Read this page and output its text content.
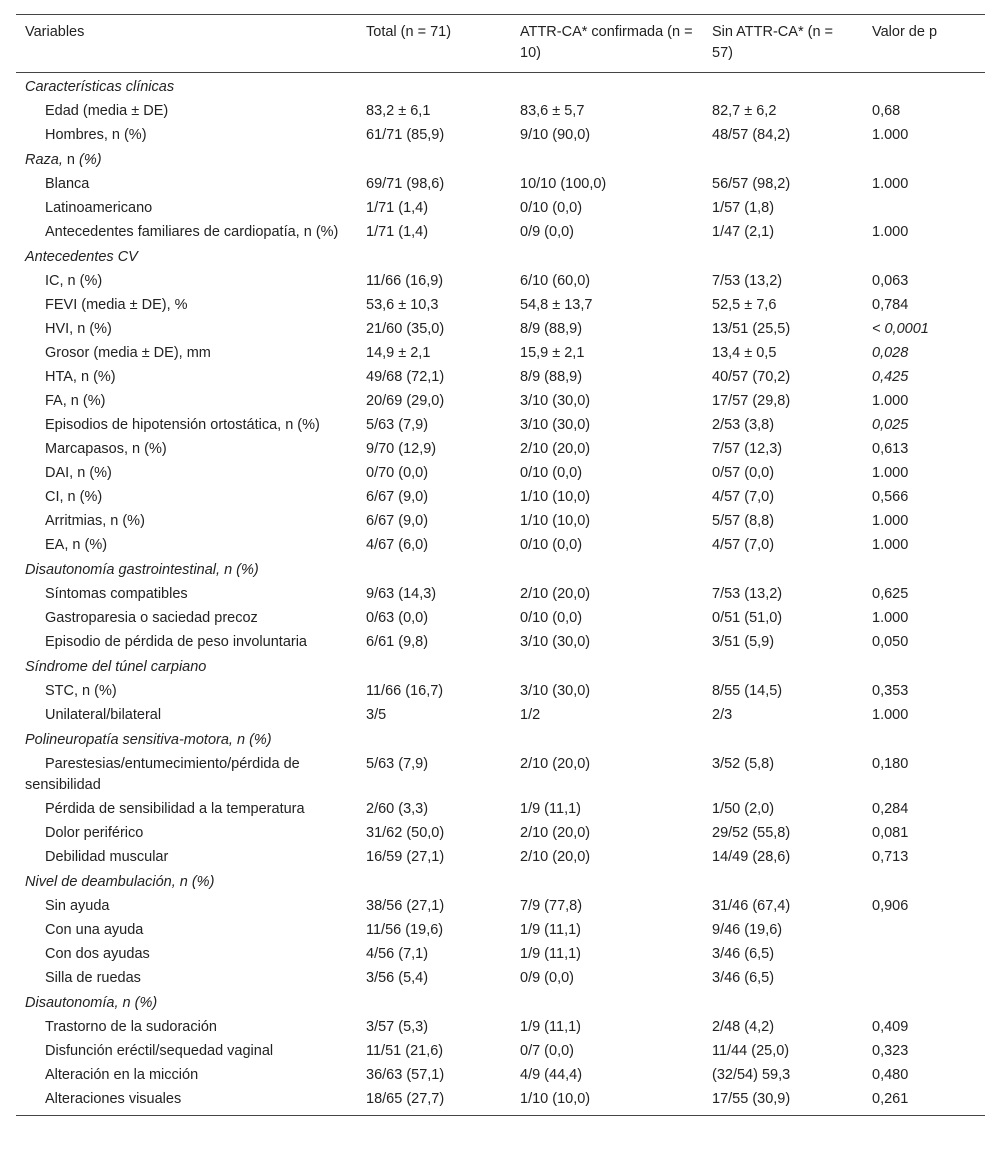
Variables	Total (n = 71)	ATTR-CA* confirmada (n = 10)	Sin ATTR-CA* (n = 57)	Valor de p
Características clínicas				
Edad (media ± DE)	83,2 ± 6,1	83,6 ± 5,7	82,7 ± 6,2	0,68
Hombres, n (%)	61/71 (85,9)	9/10 (90,0)	48/57 (84,2)	1.000
Raza, n (%)				
Blanca	69/71 (98,6)	10/10 (100,0)	56/57 (98,2)	1.000
Latinoamericano	1/71 (1,4)	0/10 (0,0)	1/57 (1,8)	
Antecedentes familiares de cardiopatía, n (%)	1/71 (1,4)	0/9 (0,0)	1/47 (2,1)	1.000
Antecedentes CV				
IC, n (%)	11/66 (16,9)	6/10 (60,0)	7/53 (13,2)	0,063
FEVI (media ± DE), %	53,6 ± 10,3	54,8 ± 13,7	52,5 ± 7,6	0,784
HVI, n (%)	21/60 (35,0)	8/9 (88,9)	13/51 (25,5)	< 0,0001
Grosor (media ± DE), mm	14,9 ± 2,1	15,9 ± 2,1	13,4 ± 0,5	0,028
HTA, n (%)	49/68 (72,1)	8/9 (88,9)	40/57 (70,2)	0,425
FA, n (%)	20/69 (29,0)	3/10 (30,0)	17/57 (29,8)	1.000
Episodios de hipotensión ortostática, n (%)	5/63 (7,9)	3/10 (30,0)	2/53 (3,8)	0,025
Marcapasos, n (%)	9/70 (12,9)	2/10 (20,0)	7/57 (12,3)	0,613
DAI, n (%)	0/70 (0,0)	0/10 (0,0)	0/57 (0,0)	1.000
CI, n (%)	6/67 (9,0)	1/10 (10,0)	4/57 (7,0)	0,566
Arritmias, n (%)	6/67 (9,0)	1/10 (10,0)	5/57 (8,8)	1.000
EA, n (%)	4/67 (6,0)	0/10 (0,0)	4/57 (7,0)	1.000
Disautonomía gastrointestinal, n (%)				
Síntomas compatibles	9/63 (14,3)	2/10 (20,0)	7/53 (13,2)	0,625
Gastroparesia o saciedad precoz	0/63 (0,0)	0/10 (0,0)	0/51 (51,0)	1.000
Episodio de pérdida de peso involuntaria	6/61 (9,8)	3/10 (30,0)	3/51 (5,9)	0,050
Síndrome del túnel carpiano				
STC, n (%)	11/66 (16,7)	3/10 (30,0)	8/55 (14,5)	0,353
Unilateral/bilateral	3/5	1/2	2/3	1.000
Polineuropatía sensitiva-motora, n (%)				
Parestesias/entumecimiento/pérdida de sensibilidad	5/63 (7,9)	2/10 (20,0)	3/52 (5,8)	0,180
Pérdida de sensibilidad a la temperatura	2/60 (3,3)	1/9 (11,1)	1/50 (2,0)	0,284
Dolor periférico	31/62 (50,0)	2/10 (20,0)	29/52 (55,8)	0,081
Debilidad muscular	16/59 (27,1)	2/10 (20,0)	14/49 (28,6)	0,713
Nivel de deambulación, n (%)				
Sin ayuda	38/56 (27,1)	7/9 (77,8)	31/46 (67,4)	0,906
Con una ayuda	11/56 (19,6)	1/9 (11,1)	9/46 (19,6)	
Con dos ayudas	4/56 (7,1)	1/9 (11,1)	3/46 (6,5)	
Silla de ruedas	3/56 (5,4)	0/9 (0,0)	3/46 (6,5)	
Disautonomía, n (%)				
Trastorno de la sudoración	3/57 (5,3)	1/9 (11,1)	2/48 (4,2)	0,409
Disfunción eréctil/sequedad vaginal	11/51 (21,6)	0/7 (0,0)	11/44 (25,0)	0,323
Alteración en la micción	36/63 (57,1)	4/9 (44,4)	(32/54) 59,3	0,480
Alteraciones visuales	18/65 (27,7)	1/10 (10,0)	17/55 (30,9)	0,261
